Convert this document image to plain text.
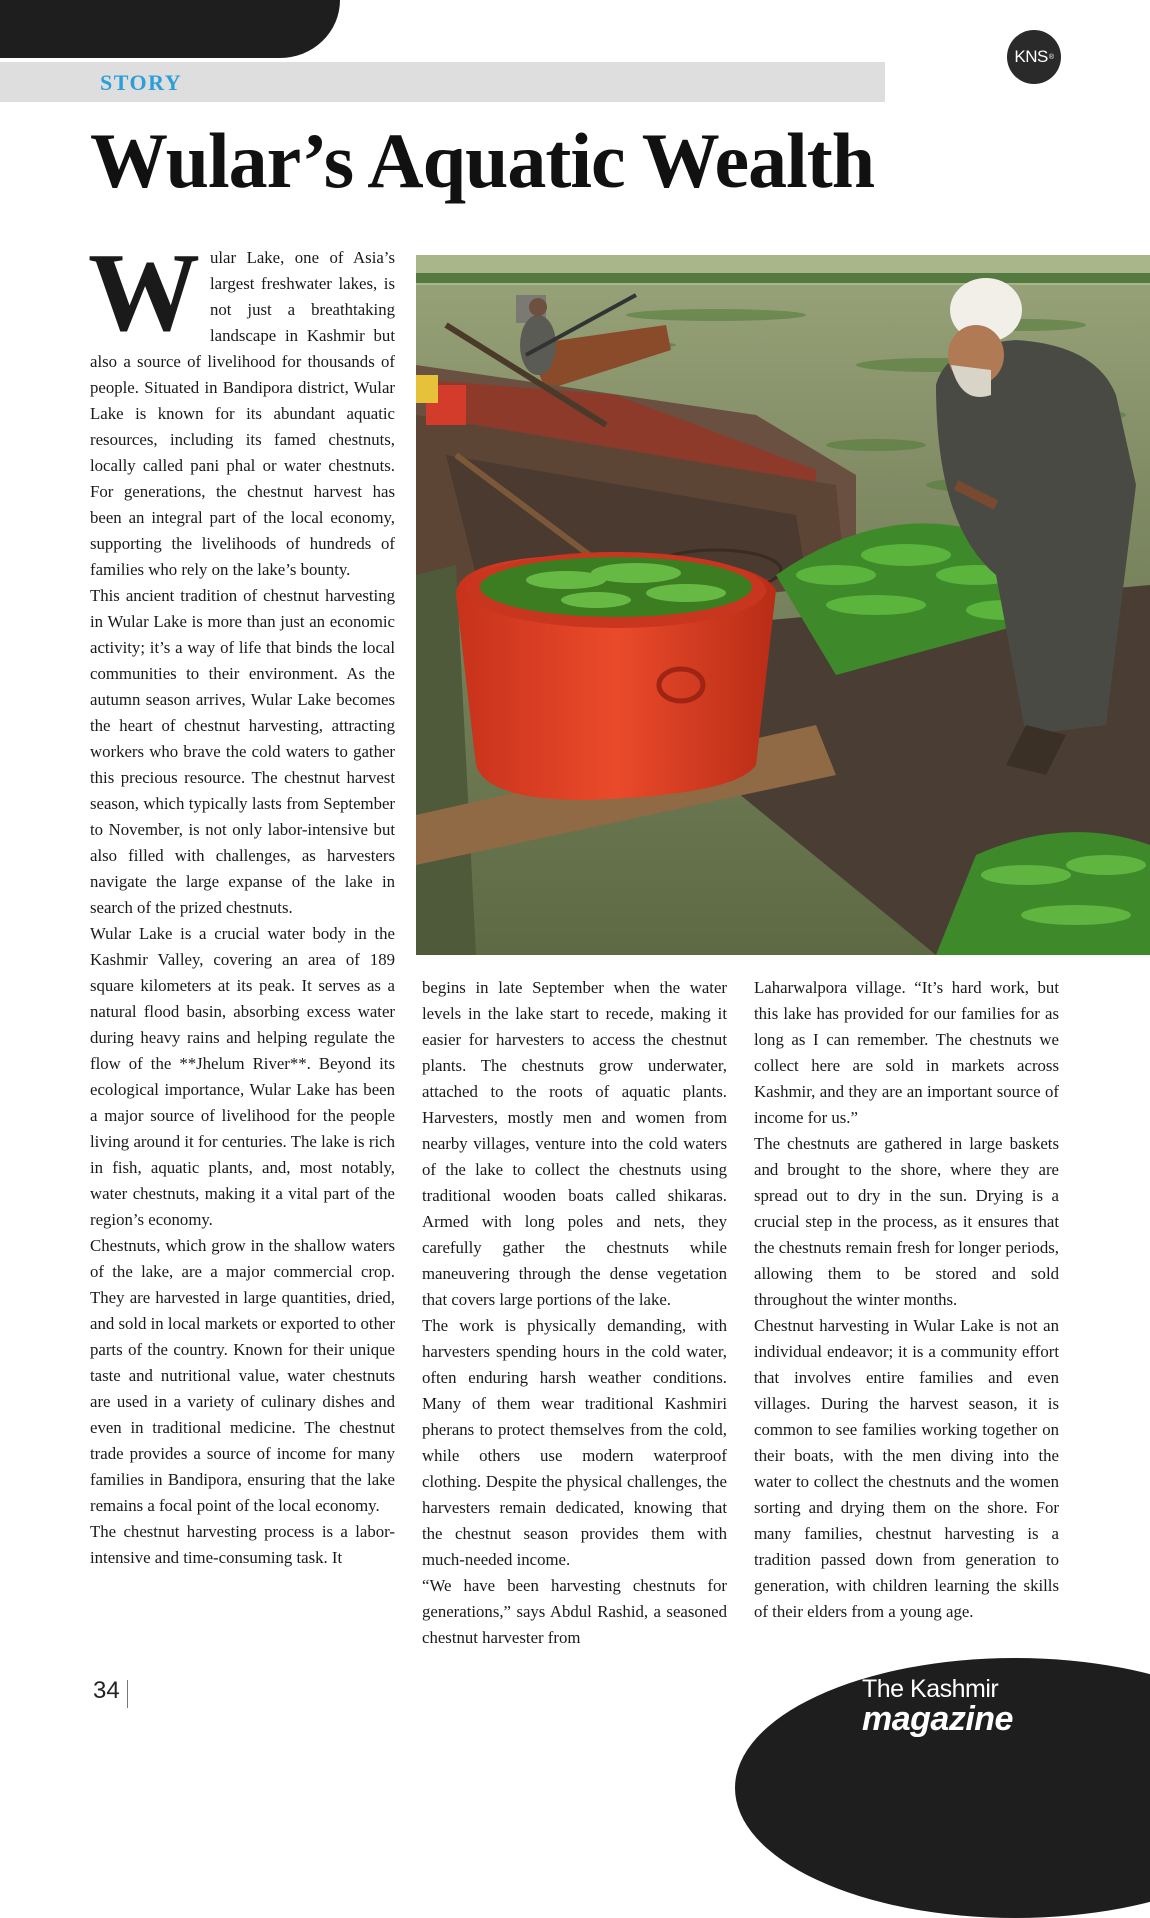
STORY
KNS ®
Wular’s Aquatic Wealth

Wular Lake, one of Asia’s largest freshwater lakes, is not just a breathtaking landscape in Kashmir but also a source of livelihood for thousands of people. Situated in Bandipora district, Wular Lake is known for its abundant aquatic resources, including its famed chestnuts, locally called pani phal or water chestnuts. For generations, the chestnut harvest has been an integral part of the local economy, supporting the livelihoods of hundreds of families who rely on the lake’s bounty.

This ancient tradition of chestnut harvesting in Wular Lake is more than just an economic activity; it’s a way of life that binds the local communities to their environment. As the autumn season arrives, Wular Lake becomes the heart of chestnut harvesting, attracting workers who brave the cold waters to gather this precious resource. The chestnut harvest season, which typically lasts from September to November, is not only labor-intensive but also filled with challenges, as harvesters navigate the large expanse of the lake in search of the prized chestnuts.

Wular Lake is a crucial water body in the Kashmir Valley, covering an area of 189 square kilometers at its peak. It serves as a natural flood basin, absorbing excess water during heavy rains and helping regulate the flow of the **Jhelum River**. Beyond its ecological importance, Wular Lake has been a major source of livelihood for the people living around it for centuries. The lake is rich in fish, aquatic plants, and, most notably, water chestnuts, making it a vital part of the region’s economy.

Chestnuts, which grow in the shallow waters of the lake, are a major commercial crop. They are harvested in large quantities, dried, and sold in local markets or exported to other parts of the country. Known for their unique taste and nutritional value, water chestnuts are used in a variety of culinary dishes and even in traditional medicine. The chestnut trade provides a source of income for many families in Bandipora, ensuring that the lake remains a focal point of the local economy.

The chestnut harvesting process is a labor-intensive and time-consuming task. It

begins in late September when the water levels in the lake start to recede, making it easier for harvesters to access the chestnut plants. The chestnuts grow underwater, attached to the roots of aquatic plants. Harvesters, mostly men and women from nearby villages, venture into the cold waters of the lake to collect the chestnuts using traditional wooden boats called shikaras. Armed with long poles and nets, they carefully gather the chestnuts while maneuvering through the dense vegetation that covers large portions of the lake.

The work is physically demanding, with harvesters spending hours in the cold water, often enduring harsh weather conditions. Many of them wear traditional Kashmiri pherans to protect themselves from the cold, while others use modern waterproof clothing. Despite the physical challenges, the harvesters remain dedicated, knowing that the chestnut season provides them with much-needed income.

“We have been harvesting chestnuts for generations,” says Abdul Rashid, a seasoned chestnut harvester from

Laharwalpora village. “It’s hard work, but this lake has provided for our families for as long as I can remember. The chestnuts we collect here are sold in markets across Kashmir, and they are an important source of income for us.”

The chestnuts are gathered in large baskets and brought to the shore, where they are spread out to dry in the sun. Drying is a crucial step in the process, as it ensures that the chestnuts remain fresh for longer periods, allowing them to be stored and sold throughout the winter months.

Chestnut harvesting in Wular Lake is not an individual endeavor; it is a community effort that involves entire families and even villages. During the harvest season, it is common to see families working together on their boats, with the men diving into the water to collect the chestnuts and the women sorting and drying them on the shore. For many families, chestnut harvesting is a tradition passed down from generation to generation, with children learning the skills of their elders from a young age.

34	The Kashmir
magazine
